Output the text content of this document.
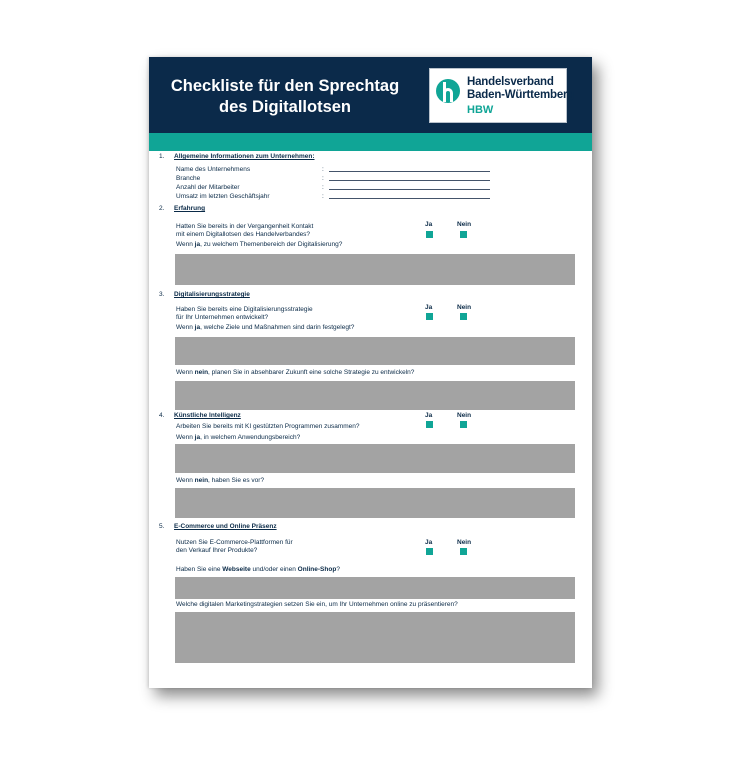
Checkliste für den Sprechtag
des Digitallotsen
Handelsverband
Baden-Württemberg
HBW
1. Allgemeine Informationen zum Unternehmen:
Name des Unternehmens	:
Branche	:
Anzahl der Mitarbeiter	:
Umsatz im letzten Geschäftsjahr	:
2. Erfahrung
Hatten Sie bereits in der Vergangenheit Kontakt
mit einem Digitallotsen des Handelverbandes?
Ja	Nein
Wenn ja, zu welchem Themenbereich der Digitalisierung?
3. Digitalisierungsstrategie
Haben Sie bereits eine Digitalisierungsstrategie
für Ihr Unternehmen entwickelt?
Ja	Nein
Wenn ja, welche Ziele und Maßnahmen sind darin festgelegt?
Wenn nein, planen Sie in absehbarer Zukunft eine solche Strategie zu entwickeln?
4. Künstliche Intelligenz	Ja	Nein
Arbeiten Sie bereits mit KI gestützten Programmen zusammen?
Wenn ja, in welchem Anwendungsbereich?
Wenn nein, haben Sie es vor?
5. E-Commerce und Online Präsenz
Nutzen Sie E-Commerce-Plattformen für
den Verkauf Ihrer Produkte?
Ja	Nein
Haben Sie eine Webseite und/oder einen Online-Shop?
Welche digitalen Marketingstrategien setzen Sie ein, um Ihr Unternehmen online zu präsentieren?
